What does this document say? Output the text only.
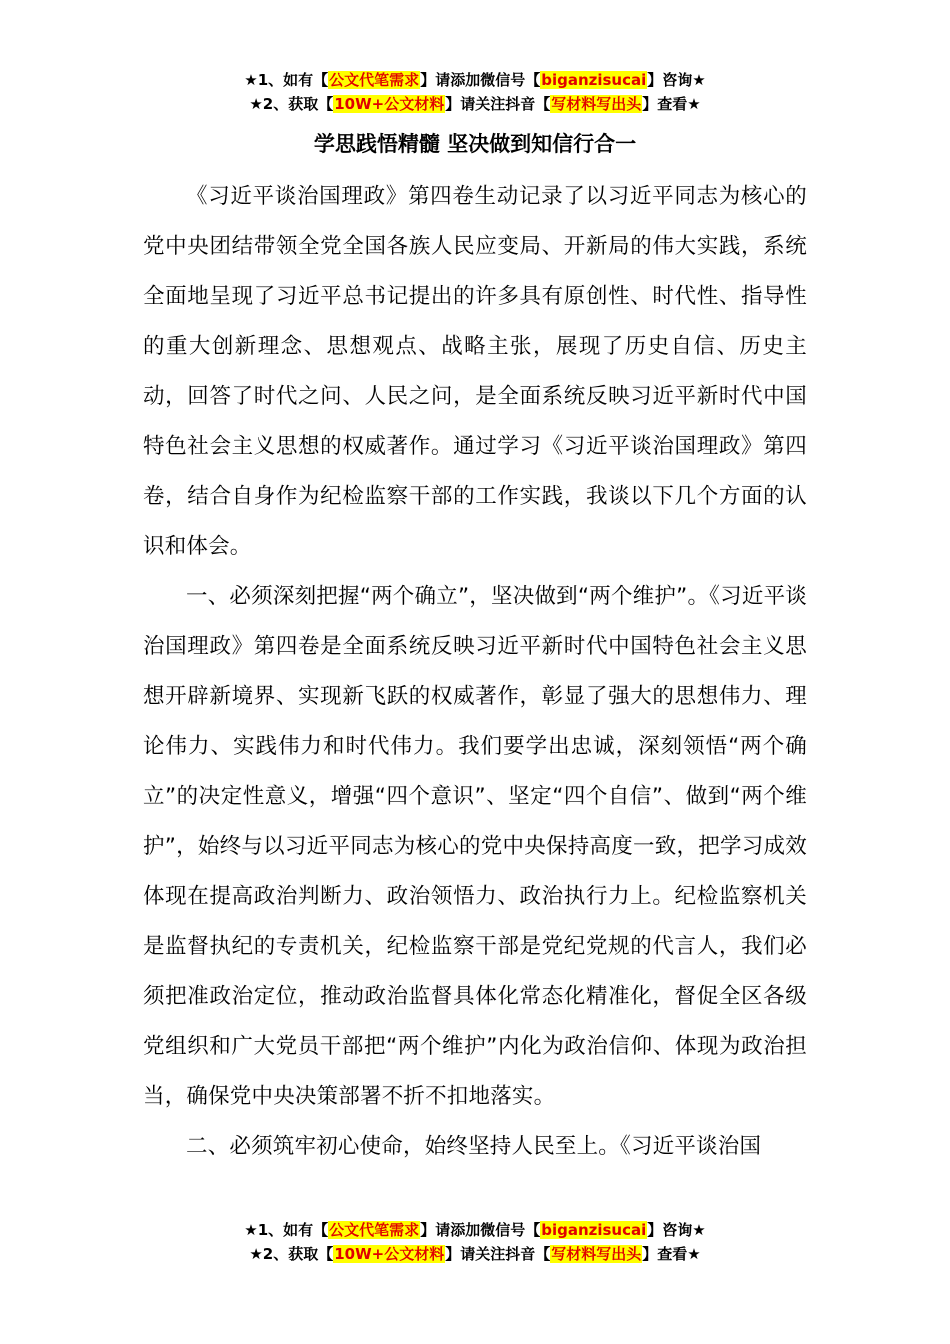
★1、如有【公文代笔需求】请添加微信号【biganzisucai】咨询★
★2、获取【10W+公文材料】请关注抖音【写材料写出头】查看★
学思践悟精髓 坚决做到知信行合一

《习近平谈治国理政》第四卷生动记录了以习近平同志为核心的党中央团结带领全党全国各族人民应变局、开新局的伟大实践，系统全面地呈现了习近平总书记提出的许多具有原创性、时代性、指导性的重大创新理念、思想观点、战略主张，展现了历史自信、历史主动，回答了时代之问、人民之问，是全面系统反映习近平新时代中国特色社会主义思想的权威著作。通过学习《习近平谈治国理政》第四卷，结合自身作为纪检监察干部的工作实践，我谈以下几个方面的认识和体会。

一、必须深刻把握“两个确立”，坚决做到“两个维护”。《习近平谈治国理政》第四卷是全面系统反映习近平新时代中国特色社会主义思想开辟新境界、实现新飞跃的权威著作，彰显了强大的思想伟力、理论伟力、实践伟力和时代伟力。我们要学出忠诚，深刻领悟“两个确立”的决定性意义，增强“四个意识”、坚定“四个自信”、做到“两个维护”，始终与以习近平同志为核心的党中央保持高度一致，把学习成效体现在提高政治判断力、政治领悟力、政治执行力上。纪检监察机关是监督执纪的专责机关，纪检监察干部是党纪党规的代言人，我们必须把准政治定位，推动政治监督具体化常态化精准化，督促全区各级党组织和广大党员干部把“两个维护”内化为政治信仰、体现为政治担当，确保党中央决策部署不折不扣地落实。

二、必须筑牢初心使命，始终坚持人民至上。《习近平谈治国

★1、如有【公文代笔需求】请添加微信号【biganzisucai】咨询★
★2、获取【10W+公文材料】请关注抖音【写材料写出头】查看★
